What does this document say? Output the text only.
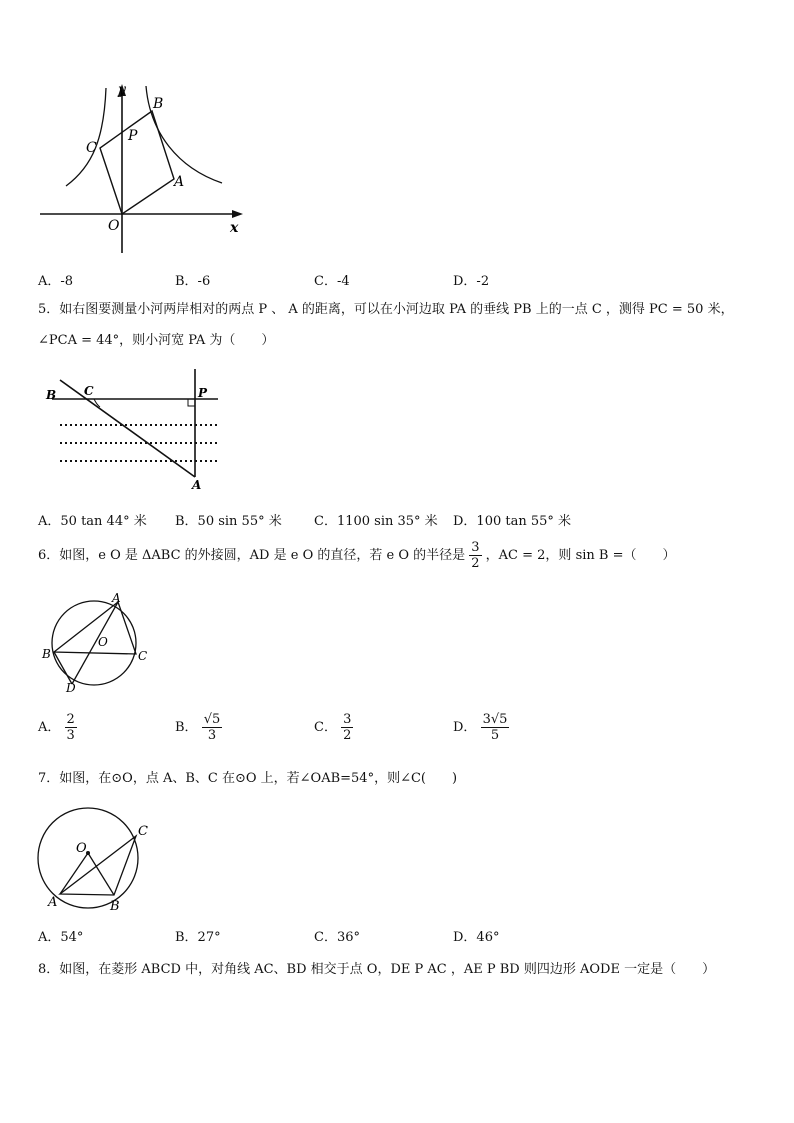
y
x
O
B
C
P
A
A．-8	B．-6	C．-4	D．-2
5．如右图要测量小河两岸相对的两点 P 、 A 的距离，可以在小河边取 PA 的垂线 PB 上的一点 C ，测得 PC = 50 米，
∠PCA = 44°，则小河宽 PA 为（　　）
B C	P
A
A．50 tan 44° 米 B．50 sin 55° 米 C．1100 sin 35° 米 D．100 tan 55° 米
6．如图，e O 是 ΔABC 的外接圆，AD 是 e O 的直径，若 e O 的半径是 $\frac{3}{2}$ ，AC = 2，则 sin B =（　　）
A
B	C
O
D
A． $\frac{2}{3}$	B． $\frac{√5}{3}$	C． $\frac{3}{2}$	D． $\frac{3√5}{5}$
7．如图，在⊙O，点 A、B、C 在⊙O 上，若∠OAB=54°，则∠C(　　)
O
A	B
C
A．54°	B．27°	C．36°	D．46°
8．如图，在菱形 ABCD 中，对角线 AC、BD 相交于点 O，DE P AC ，AE P BD 则四边形 AODE 一定是（　　）
